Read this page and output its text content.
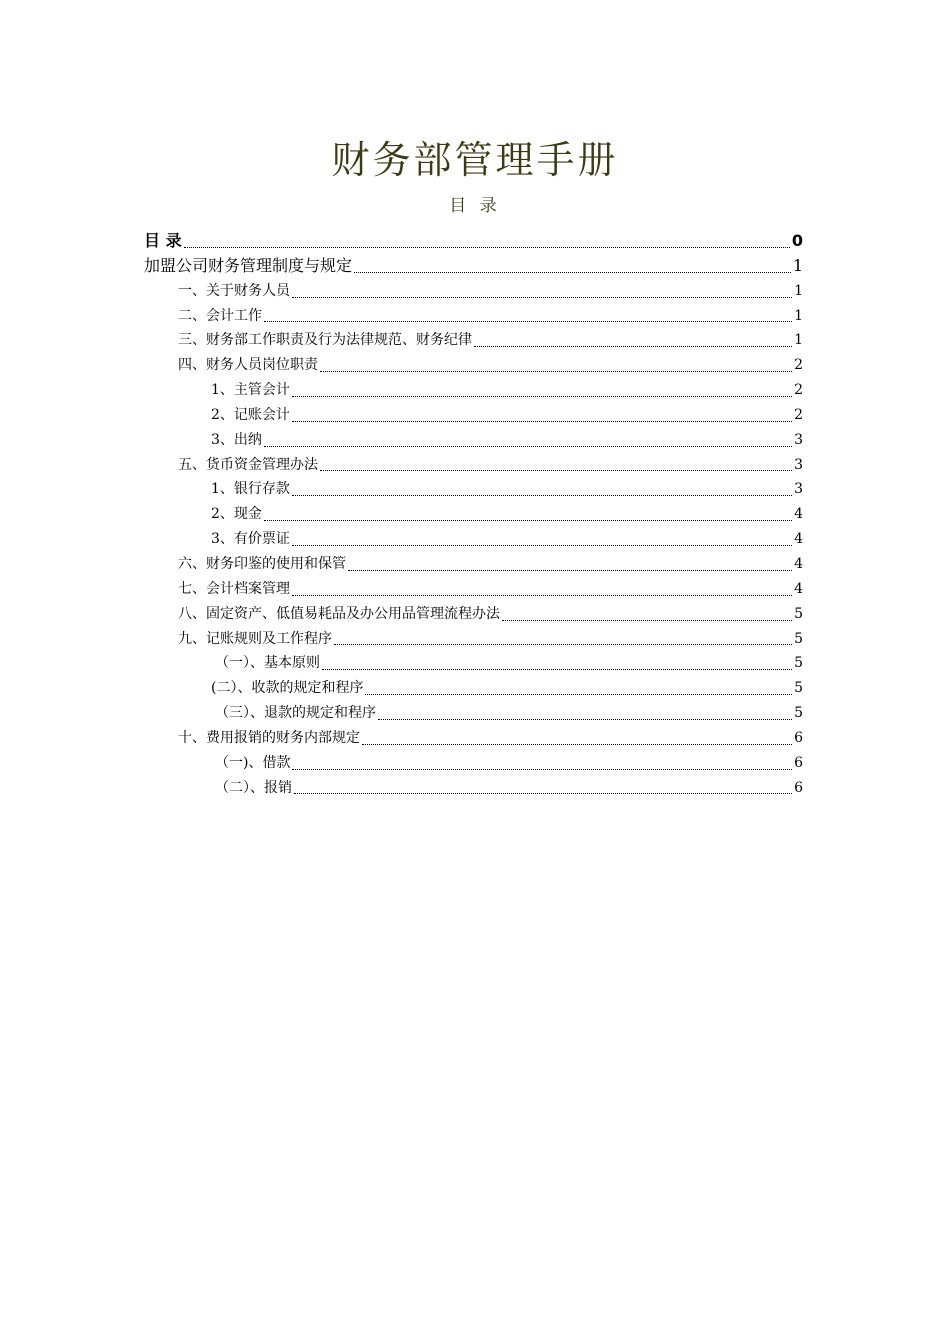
财务部管理手册
目 录
目 录	0
加盟公司财务管理制度与规定	1
一、关于财务人员	1
二、会计工作	1
三、财务部工作职责及行为法律规范、财务纪律	1
四、财务人员岗位职责	2
1、主管会计	2
2、记账会计	2
3、出纳	3
五、货币资金管理办法	3
1、银行存款	3
2、现金	4
3、有价票证	4
六、财务印鉴的使用和保管	4
七、会计档案管理	4
八、固定资产、低值易耗品及办公用品管理流程办法	5
九、记账规则及工作程序	5
（一）、基本原则	5
(二）、收款的规定和程序	5
（三）、退款的规定和程序	5
十、费用报销的财务内部规定	6
（一)、借款	6
（二）、报销	6
